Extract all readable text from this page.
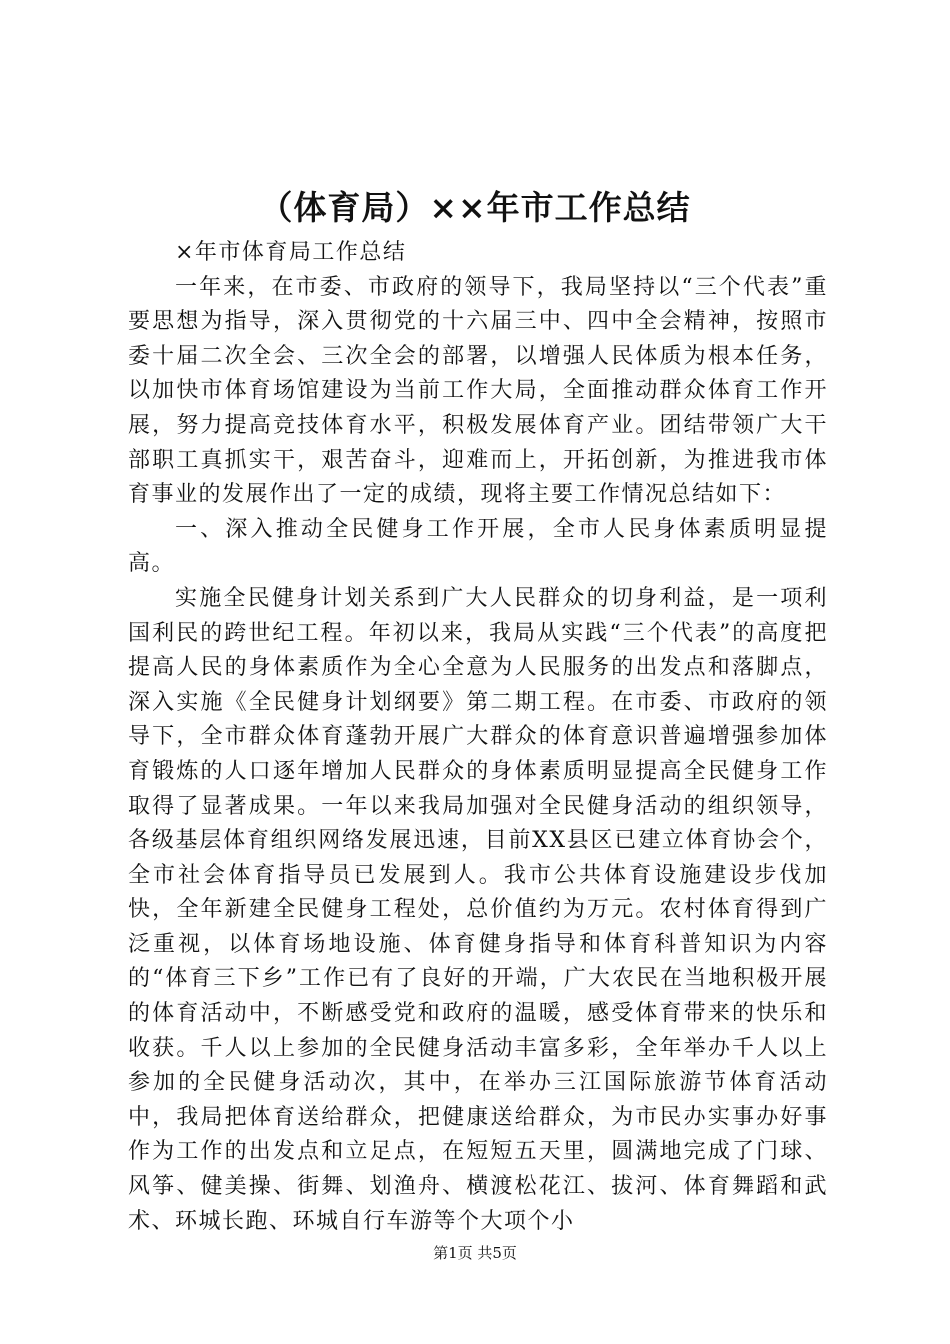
（体育局）××年市工作总结

×年市体育局工作总结

一年来，在市委、市政府的领导下，我局坚持以“三个代表”重要思想为指导，深入贯彻党的十六届三中、四中全会精神，按照市委十届二次全会、三次全会的部署，以增强人民体质为根本任务，以加快市体育场馆建设为当前工作大局，全面推动群众体育工作开展，努力提高竞技体育水平，积极发展体育产业。团结带领广大干部职工真抓实干，艰苦奋斗，迎难而上，开拓创新，为推进我市体育事业的发展作出了一定的成绩，现将主要工作情况总结如下：

一、深入推动全民健身工作开展，全市人民身体素质明显提高。

实施全民健身计划关系到广大人民群众的切身利益，是一项利国利民的跨世纪工程。年初以来，我局从实践“三个代表”的高度把提高人民的身体素质作为全心全意为人民服务的出发点和落脚点，深入实施《全民健身计划纲要》第二期工程。在市委、市政府的领导下，全市群众体育蓬勃开展广大群众的体育意识普遍增强参加体育锻炼的人口逐年增加人民群众的身体素质明显提高全民健身工作取得了显著成果。一年以来我局加强对全民健身活动的组织领导，各级基层体育组织网络发展迅速，目前XX县区已建立体育协会个，全市社会体育指导员已发展到人。我市公共体育设施建设步伐加快，全年新建全民健身工程处，总价值约为万元。农村体育得到广泛重视，以体育场地设施、体育健身指导和体育科普知识为内容的“体育三下乡”工作已有了良好的开端，广大农民在当地积极开展的体育活动中，不断感受党和政府的温暖，感受体育带来的快乐和收获。千人以上参加的全民健身活动丰富多彩，全年举办千人以上参加的全民健身活动次，其中，在举办三江国际旅游节体育活动中，我局把体育送给群众，把健康送给群众，为市民办实事办好事作为工作的出发点和立足点，在短短五天里，圆满地完成了门球、风筝、健美操、街舞、划渔舟、横渡松花江、拔河、体育舞蹈和武术、环城长跑、环城自行车游等个大项个小

第1页 共5页
